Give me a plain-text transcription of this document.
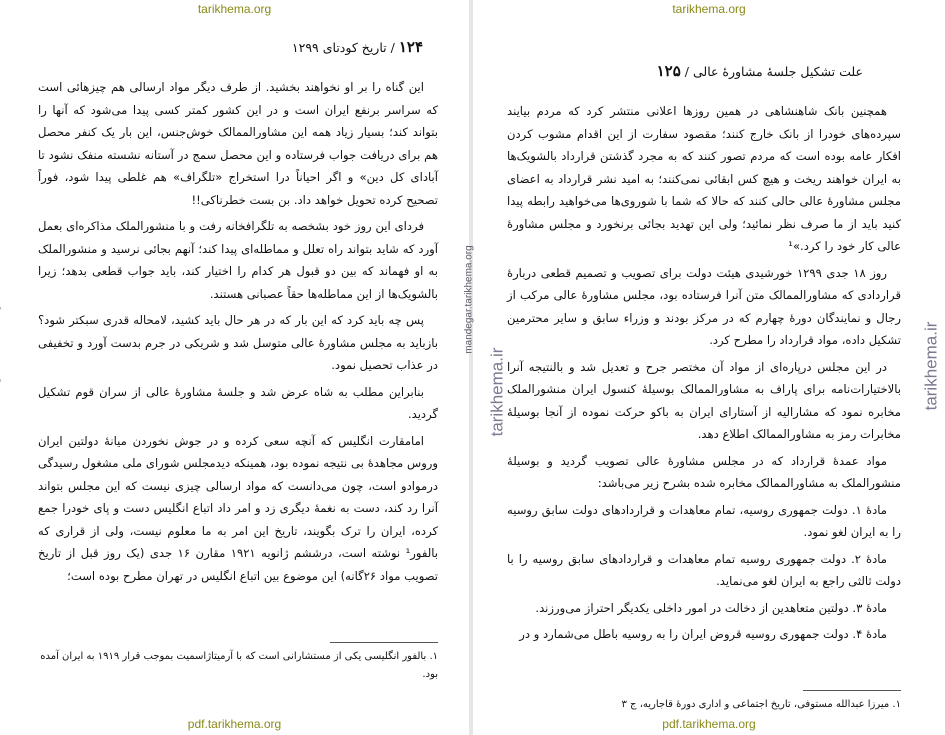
tarikhema.org
۱۲۴ / تاریخ کودتای ۱۲۹۹

این گناه را بر او نخواهند بخشید. از طرف دیگر مواد ارسالی هم چیزهائی است که سراسر برنفع ایران است و در این کشور کمتر کسی پیدا می‌شود که آنها را بتواند کند؛ بسیار زیاد همه این مشاورالممالک خوش‌جنس، این بار یک کنفر محصل هم برای دریافت جواب فرستاده و این محصل سمج در آستانه نشسته منفک نشود تا آبادای کل دین» و اگر احیاناً درا استخراج «تلگراف» هم غلطی پیدا شود، فوراً تصحیح کرده تحویل خواهد داد. بن بست خطرناکی!!

فردای این روز خود بشخصه به تلگرافخانه رفت و با منشورالملک مذاکره‌ای بعمل آورد که شاید بتواند راه تعلل و مماطله‌ای پیدا کند؛ آنهم بجائی نرسید و منشورالملک به او فهماند که بین دو قبول هر کدام را اختیار کند، باید جواب قطعی بدهد؛ زیرا بالشویک‌ها از این مماطله‌ها حقاً عصبانی هستند.

پس چه باید کرد که این بار که در هر حال باید کشید، لامحاله قدری سبکتر شود؟ بازباید به مجلس مشاورهٔ عالی متوسل شد و شریکی در جرم بدست آورد و تخفیفی در عذاب تحصیل نمود.

بنابراین مطلب به شاه عرض شد و جلسهٔ مشاورهٔ عالی از سران قوم تشکیل گردید.

امامقارت انگلیس که آنچه سعی کرده و در جوش نخوردن میانهٔ دولتین ایران وروس مجاهدهٔ بی نتیجه نموده بود، همینکه دیدمجلس شورای ملی مشغول رسیدگی درموادو است، چون می‌دانست که مواد ارسالی چیزی نیست که این مجلس بتواند آنرا رد کند، دست به نغمهٔ دیگری زد و امر داد اتباع انگلیس دست و پای خودرا جمع کرده، ایران را ترک بگویند، تاریخ این امر به ما معلوم نیست، ولی از قراری که بالفور¹ نوشته است، درششم ژانویه ۱۹۲۱ مقارن ۱۶ جدی (یک روز قبل از تاریخ تصویب مواد ۲۶گانه) این موضوع بین اتباع انگلیس در تهران مطرح بوده است؛

۱. بالفور انگلیسی یکی از مستشارانی است که با آرمیتاژاسمیت بموجب قرار ۱۹۱۹ به ایران آمده بود.
pdf.tarikhema.org
tarikhema.org
علت تشکیل جلسهٔ مشاورهٔ عالی / ۱۲۵
mandegar.tarikhema.org
tarikhema.ir	tarikhema.ir

همچنین بانک شاهنشاهی در همین روزها اعلانی منتشر کرد که مردم بیایند سپرده‌های خودرا از بانک خارج کنند؛ مقصود سفارت از این اقدام مشوب کردن افکار عامه بوده است که مردم تصور کنند که به مجرد گذشتن قرارداد بالشویک‌ها به ایران خواهند ریخت و هیچ کس ابقائی نمی‌کنند؛ به امید نشر قرارداد به اعضای مجلس مشاورهٔ عالی حالی کنند که حالا که شما با شوروی‌ها می‌خواهید رابطه پیدا کنید باید از ما صرف نظر نمائید؛ ولی این تهدید بجائی برنخورد و مجلس مشاورهٔ عالی کار خود را کرد.»¹

روز ۱۸ جدی ۱۲۹۹ خورشیدی هیئت دولت برای تصویب و تصمیم قطعی دربارهٔ قراردادی که مشاورالممالک متن آنرا فرستاده بود، مجلس مشاورهٔ عالی مرکب از رجال و نمایندگان دورهٔ چهارم که در مرکز بودند و وزراء سابق و سایر محترمین تشکیل داده، مواد قرارداد را مطرح کرد.

در این مجلس درپاره‌ای از مواد آن مختصر جرح و تعدیل شد و بالنتیجه آنرا بالاختیارات‌نامه برای پاراف به مشاورالممالک بوسیلهٔ کنسول ایران منشورالملک مخابره نمود که مشارالیه از آستارای ایران به باکو حرکت نموده از آنجا بوسیلهٔ مخابرات رمز به مشاورالممالک اطلاع دهد.

مواد عمدهٔ قرارداد که در مجلس مشاورهٔ عالی تصویب گردید و بوسیلهٔ منشورالملک به مشاورالممالک مخابره شده بشرح زیر می‌باشد:

مادهٔ ۱. دولت جمهوری روسیه، تمام معاهدات و قراردادهای دولت سابق روسیه را به ایران لغو نمود.

مادهٔ ۲. دولت جمهوری روسیه تمام معاهدات و قراردادهای سابق روسیه را با دولت ثالثی راجع به ایران لغو می‌نماید.

مادهٔ ۳. دولتین متعاهدین از دخالت در امور داخلی یکدیگر احتراز می‌ورزند.

مادهٔ ۴. دولت جمهوری روسیه قروض ایران را به روسیه باطل می‌شمارد و در

۱. میرزا عبدالله مستوفی، تاریخ اجتماعی و اداری دورهٔ قاجاریه، ج ۳
pdf.tarikhema.org
